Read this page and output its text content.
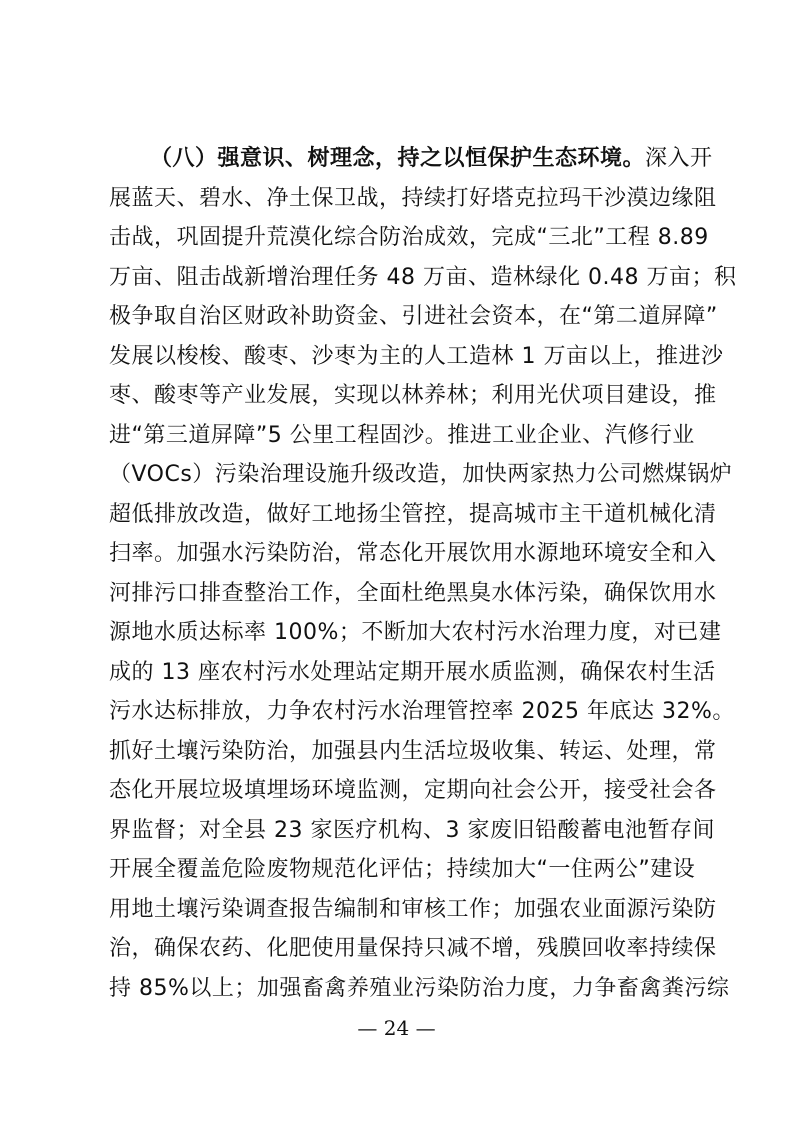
（八）强意识、树理念，持之以恒保护生态环境。深入开
展蓝天、碧水、净土保卫战，持续打好塔克拉玛干沙漠边缘阻
击战，巩固提升荒漠化综合防治成效，完成“三北”工程 8.89
万亩、阻击战新增治理任务 48 万亩、造林绿化 0.48 万亩；积
极争取自治区财政补助资金、引进社会资本，在“第二道屏障”
发展以梭梭、酸枣、沙枣为主的人工造林 1 万亩以上，推进沙
枣、酸枣等产业发展，实现以林养林；利用光伏项目建设，推
进“第三道屏障”5 公里工程固沙。推进工业企业、汽修行业
（VOCs）污染治理设施升级改造，加快两家热力公司燃煤锅炉
超低排放改造，做好工地扬尘管控，提高城市主干道机械化清
扫率。加强水污染防治，常态化开展饮用水源地环境安全和入
河排污口排查整治工作，全面杜绝黑臭水体污染，确保饮用水
源地水质达标率 100%；不断加大农村污水治理力度，对已建
成的 13 座农村污水处理站定期开展水质监测，确保农村生活
污水达标排放，力争农村污水治理管控率 2025 年底达 32%。
抓好土壤污染防治，加强县内生活垃圾收集、转运、处理，常
态化开展垃圾填埋场环境监测，定期向社会公开，接受社会各
界监督；对全县 23 家医疗机构、3 家废旧铅酸蓄电池暂存间
开展全覆盖危险废物规范化评估；持续加大“一住两公”建设
用地土壤污染调查报告编制和审核工作；加强农业面源污染防
治，确保农药、化肥使用量保持只减不增，残膜回收率持续保
— 24 —
持 85%以上；加强畜禽养殖业污染防治力度，力争畜禽粪污综
